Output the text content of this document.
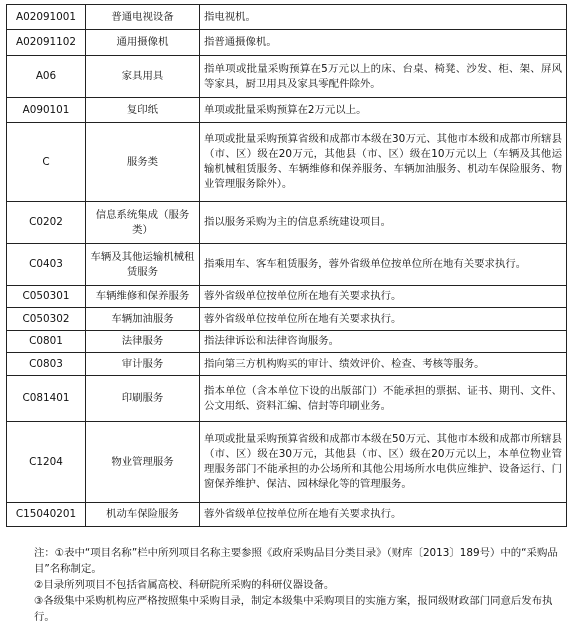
A02091001	普通电视设备	指电视机。
A02091102	通用摄像机	指普通摄像机。
A06	家具用具	指单项或批量采购预算在5万元以上的床、台桌、椅凳、沙发、柜、架、屏风等家具，厨卫用具及家具零配件除外。
A090101	复印纸	单项或批量采购预算在2万元以上。
C	服务类	单项或批量采购预算省级和成都市本级在30万元、其他市本级和成都市所辖县（市、区）级在20万元，其他县（市、区）级在10万元以上（车辆及其他运输机械租赁服务、车辆维修和保养服务、车辆加油服务、机动车保险服务、物业管理服务除外）。
C0202	信息系统集成（服务类）	指以服务采购为主的信息系统建设项目。
C0403	车辆及其他运输机械租赁服务	指乘用车、客车租赁服务，蓉外省级单位按单位所在地有关要求执行。
C050301	车辆维修和保养服务	蓉外省级单位按单位所在地有关要求执行。
C050302	车辆加油服务	蓉外省级单位按单位所在地有关要求执行。
C0801	法律服务	指法律诉讼和法律咨询服务。
C0803	审计服务	指向第三方机构购买的审计、绩效评价、检查、考核等服务。
C081401	印刷服务	指本单位（含本单位下设的出版部门）不能承担的票据、证书、期刊、文件、公文用纸、资料汇编、信封等印刷业务。
C1204	物业管理服务	单项或批量采购预算省级和成都市本级在50万元、其他市本级和成都市所辖县（市、区）级在30万元，其他县（市、区）级在20万元以上，本单位物业管理服务部门不能承担的办公场所和其他公用场所水电供应维护、设备运行、门窗保养维护、保洁、园林绿化等的管理服务。
C15040201	机动车保险服务	蓉外省级单位按单位所在地有关要求执行。

注：①表中“项目名称”栏中所列项目名称主要参照《政府采购品目分类目录》（财库〔2013〕189号）中的“采购品目”名称制定。

②目录所列项目不包括省属高校、科研院所采购的科研仪器设备。

③各级集中采购机构应严格按照集中采购目录，制定本级集中采购项目的实施方案，报同级财政部门同意后发布执行。
